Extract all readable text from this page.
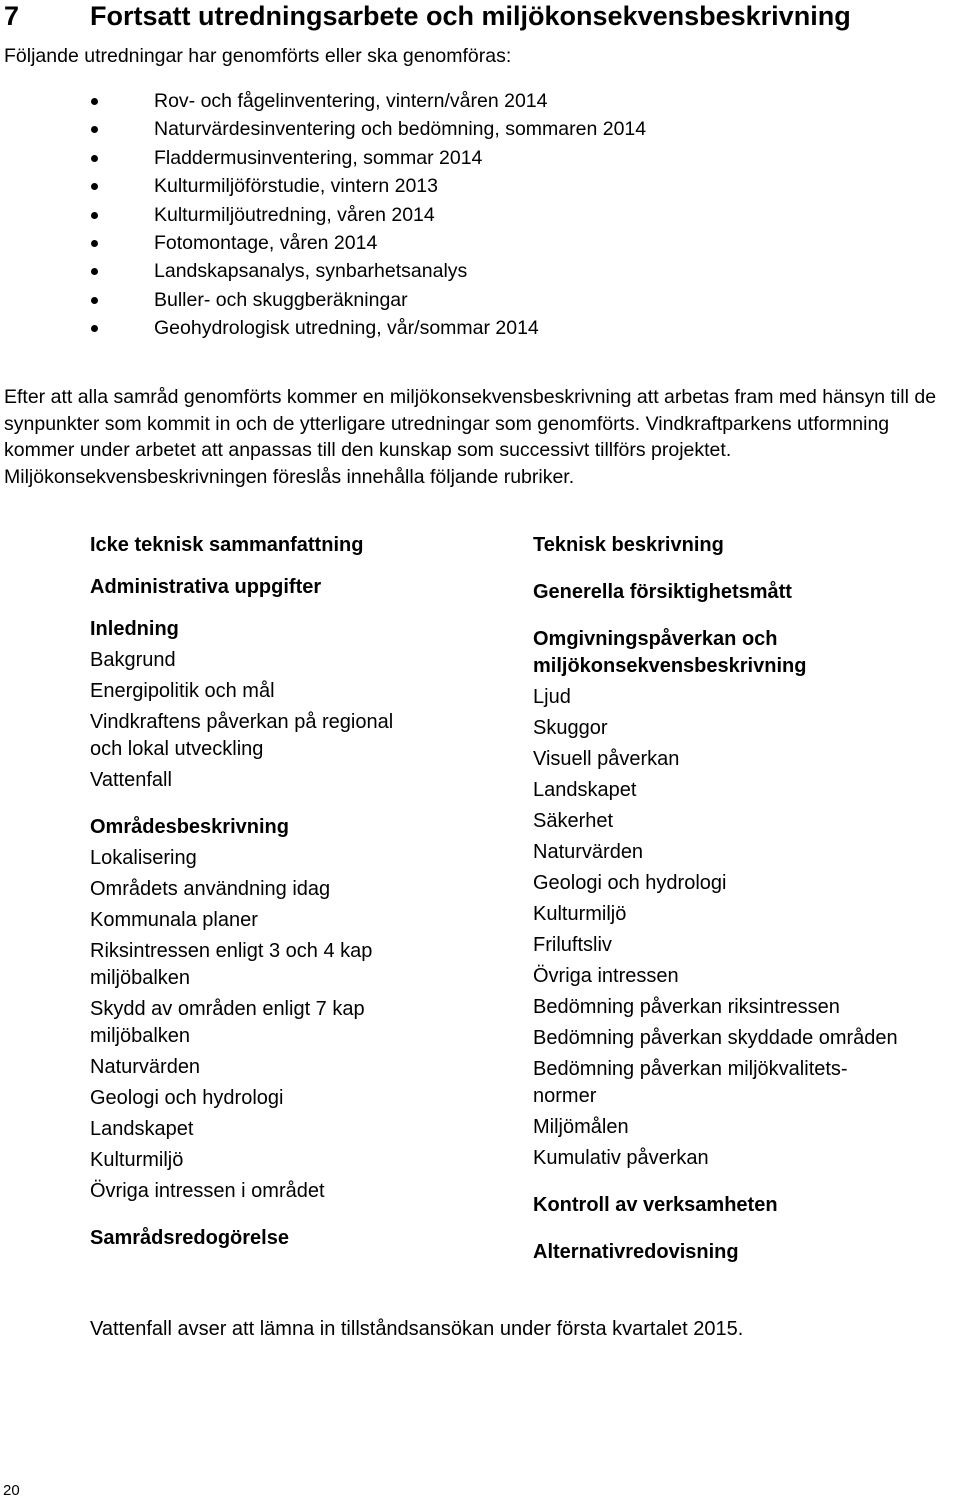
7	Fortsatt utredningsarbete och miljökonsekvensbeskrivning

Följande utredningar har genomförts eller ska genomföras:

Rov- och fågelinventering, vintern/våren 2014
Naturvärdesinventering och bedömning, sommaren 2014
Fladdermusinventering, sommar 2014
Kulturmiljöförstudie, vintern 2013
Kulturmiljöutredning, våren 2014
Fotomontage, våren 2014
Landskapsanalys, synbarhetsanalys
Buller- och skuggberäkningar
Geohydrologisk utredning, vår/sommar 2014

Efter att alla samråd genomförts kommer en miljökonsekvensbeskrivning att arbetas fram med hänsyn till de synpunkter som kommit in och de ytterligare utredningar som genomförts. Vindkraftparkens utformning kommer under arbetet att anpassas till den kunskap som successivt tillförs projektet. Miljökonsekvensbeskrivningen föreslås innehålla följande rubriker.

Icke teknisk sammanfattning

Administrativa uppgifter

Inledning

Bakgrund

Energipolitik och mål

Vindkraftens påverkan på regional och lokal utveckling

Vattenfall

Områdesbeskrivning

Lokalisering

Områdets användning idag

Kommunala planer

Riksintressen enligt 3 och 4 kap miljöbalken

Skydd av områden enligt 7 kap miljöbalken

Naturvärden

Geologi och hydrologi

Landskapet

Kulturmiljö

Övriga intressen i området

Samrådsredogörelse

Teknisk beskrivning

Generella försiktighetsmått

Omgivningspåverkan och miljökonsekvensbeskrivning

Ljud

Skuggor

Visuell påverkan

Landskapet

Säkerhet

Naturvärden

Geologi och hydrologi

Kulturmiljö

Friluftsliv

Övriga intressen

Bedömning påverkan riksintressen

Bedömning påverkan skyddade områden

Bedömning påverkan miljökvalitets-normer

Miljömålen

Kumulativ påverkan

Kontroll av verksamheten

Alternativredovisning

Vattenfall avser att lämna in tillståndsansökan under första kvartalet 2015.

20
